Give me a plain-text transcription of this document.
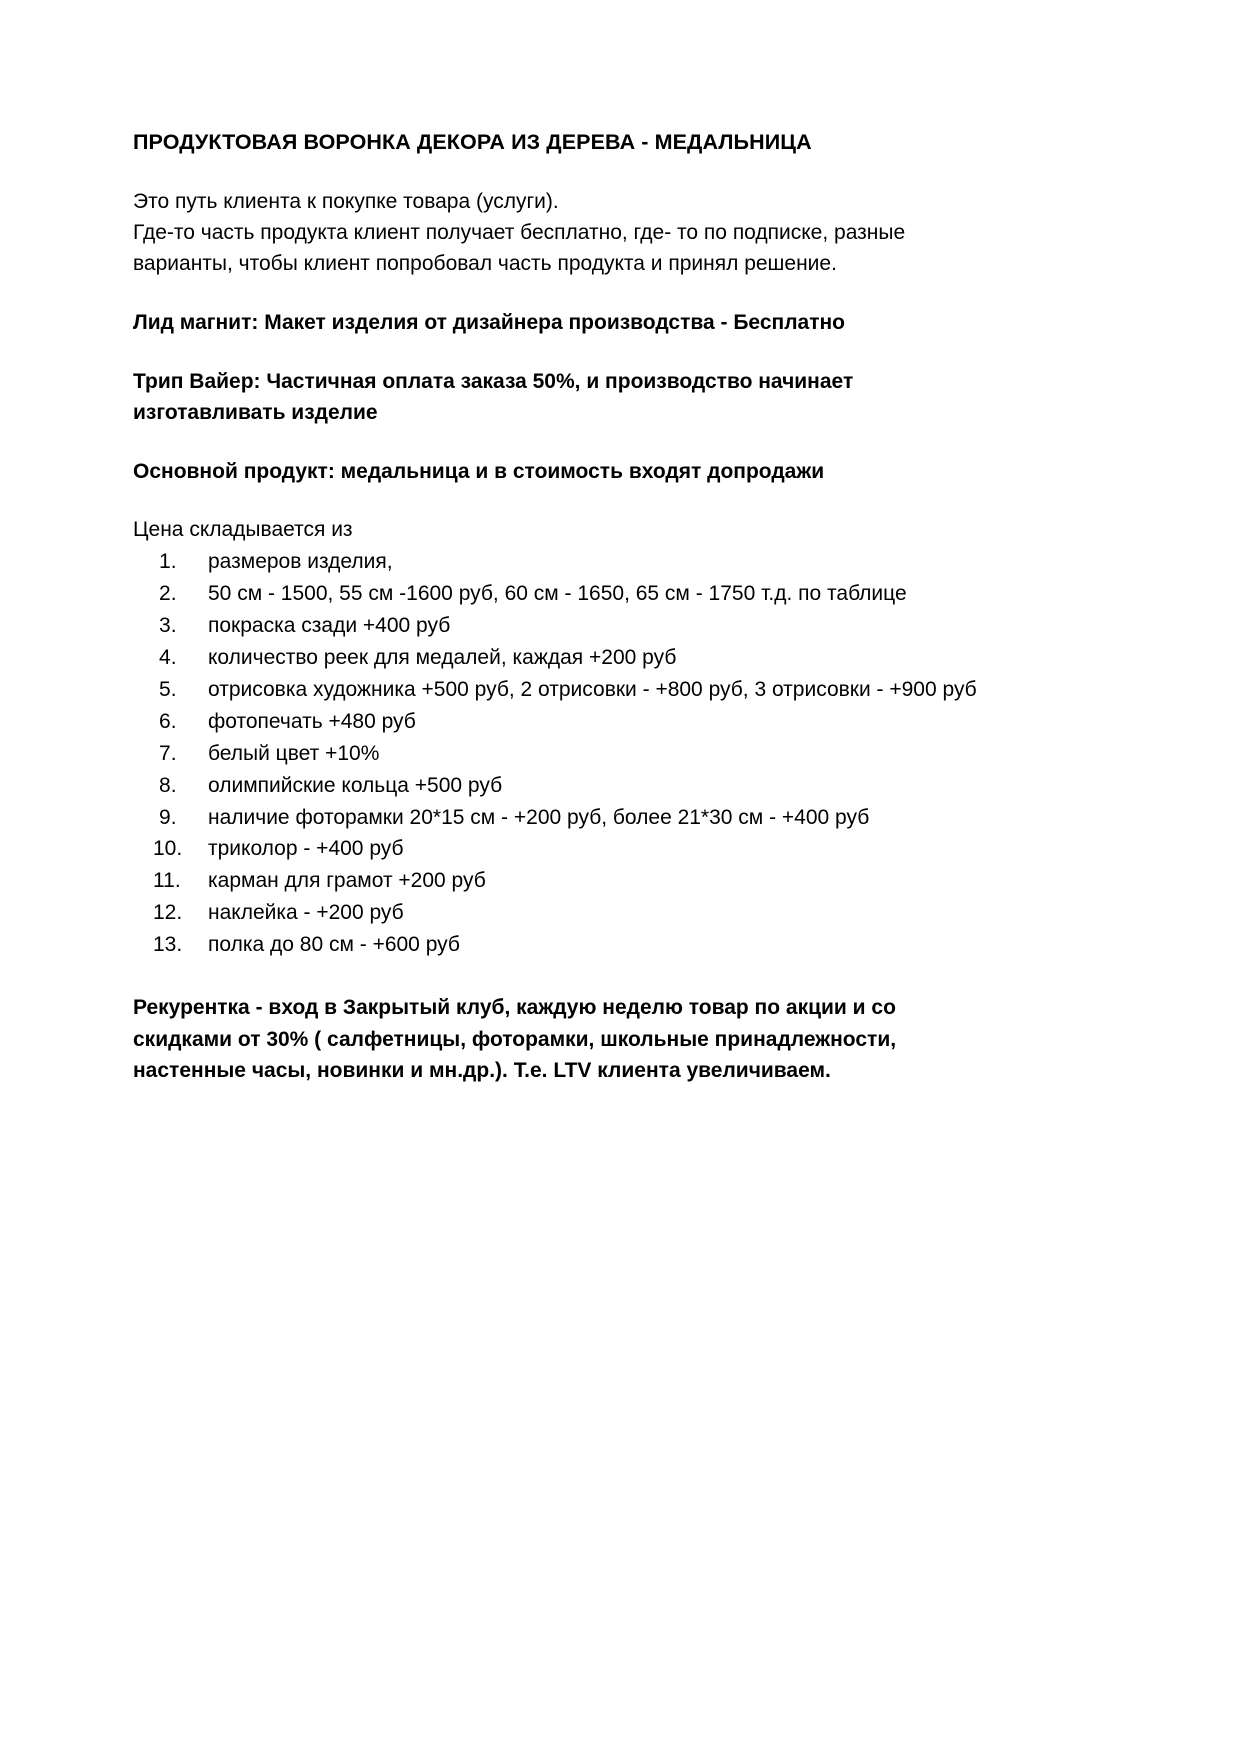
ПРОДУКТОВАЯ ВОРОНКА ДЕКОРА ИЗ ДЕРЕВА - МЕДАЛЬНИЦА

Это путь клиента к покупке товара (услуги).
Где-то часть продукта клиент получает бесплатно, где- то по подписке, разные
варианты, чтобы клиент попробовал часть продукта и принял решение.

Лид магнит: Макет изделия от дизайнера производства - Бесплатно

Трип Вайер: Частичная оплата заказа 50%, и производство начинает
изготавливать изделие

Основной продукт: медальница и в стоимость входят допродажи

Цена складывается из

размеров изделия,
50 см - 1500, 55 см -1600 руб, 60 см - 1650, 65 см - 1750 т.д. по таблице
покраска сзади +400 руб
количество реек для медалей, каждая +200 руб
отрисовка художника +500 руб, 2 отрисовки - +800 руб, 3 отрисовки - +900 руб
фотопечать +480 руб
белый цвет +10%
олимпийские кольца +500 руб
наличие фоторамки 20*15 см - +200 руб, более 21*30 см - +400 руб
триколор - +400 руб
карман для грамот +200 руб
наклейка - +200 руб
полка до 80 см - +600 руб

Рекурентка - вход в Закрытый клуб, каждую неделю товар по акции и со
скидками от 30% ( салфетницы, фоторамки, школьные принадлежности,
настенные часы, новинки и мн.др.). Т.е. LTV клиента увеличиваем.
